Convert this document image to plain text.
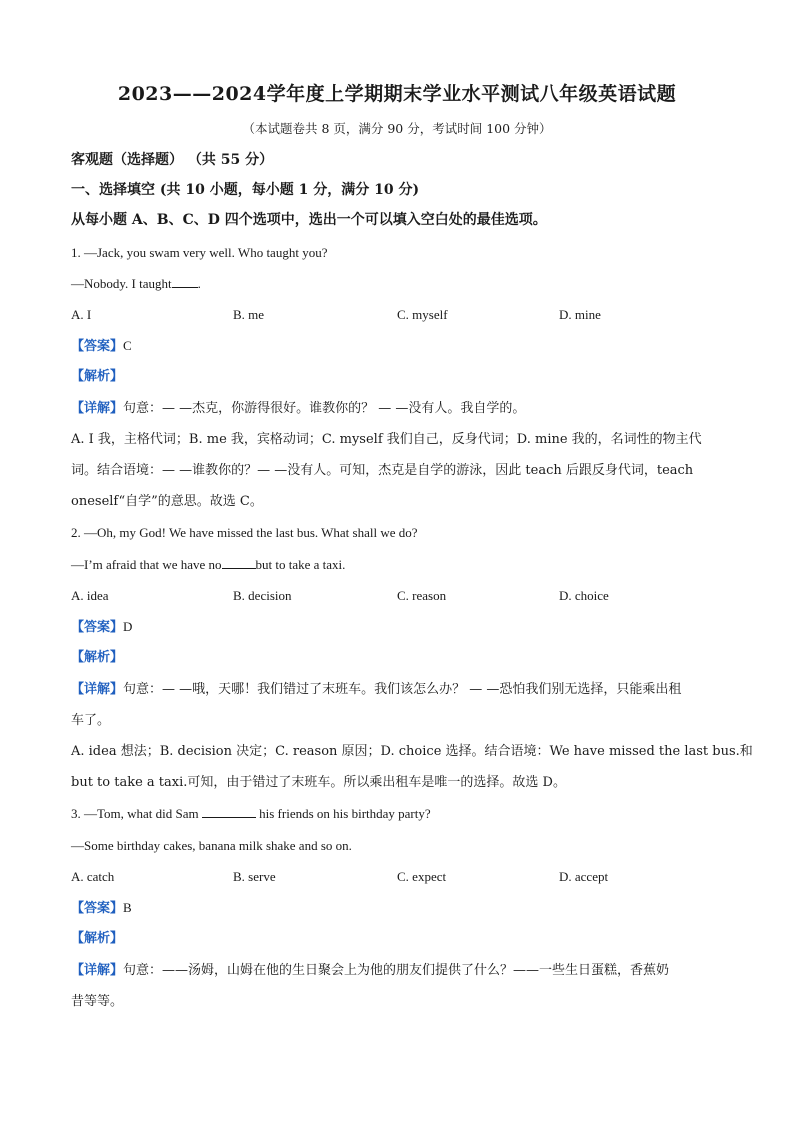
2023——2024学年度上学期期末学业水平测试八年级英语试题
（本试题卷共 8 页，满分 90 分，考试时间 100 分钟）
客观题（选择题） （共 55 分）
一、选择填空 (共 10 小题，每小题 1 分，满分 10 分)
从每小题 A、B、C、D 四个选项中，选出一个可以填入空白处的最佳选项。
1. —Jack, you swam very well. Who taught you?
—Nobody. I taught .
A. I	B. me	C. myself	D. mine
【答案】C
【解析】
【详解】句意：— —杰克，你游得很好。谁教你的？ — —没有人。我自学的。
A. I 我，主格代词；B. me 我，宾格动词；C. myself 我们自己，反身代词；D. mine 我的，名词性的物主代
词。结合语境：— —谁教你的？— —没有人。可知，杰克是自学的游泳，因此 teach 后跟反身代词，teach
oneself“自学”的意思。故选 C。
2. —Oh, my God! We have missed the last bus. What shall we do?
—I’m afraid that we have no	but to take a taxi.
A. idea	B. decision	C. reason	D. choice
【答案】D
【解析】
【详解】句意：— —哦，天哪！我们错过了末班车。我们该怎么办？ — —恐怕我们别无选择，只能乘出租
车了。
A. idea 想法；B. decision 决定；C. reason 原因；D. choice 选择。结合语境：We have missed the last bus.和
but to take a taxi.可知，由于错过了末班车。所以乘出租车是唯一的选择。故选 D。
3. —Tom, what did Sam	his friends on his birthday party?
—Some birthday cakes, banana milk shake and so on.
A. catch	B. serve	C. expect	D. accept
【答案】B
【解析】
【详解】句意：——汤姆，山姆在他的生日聚会上为他的朋友们提供了什么？——一些生日蛋糕，香蕉奶
昔等等。
